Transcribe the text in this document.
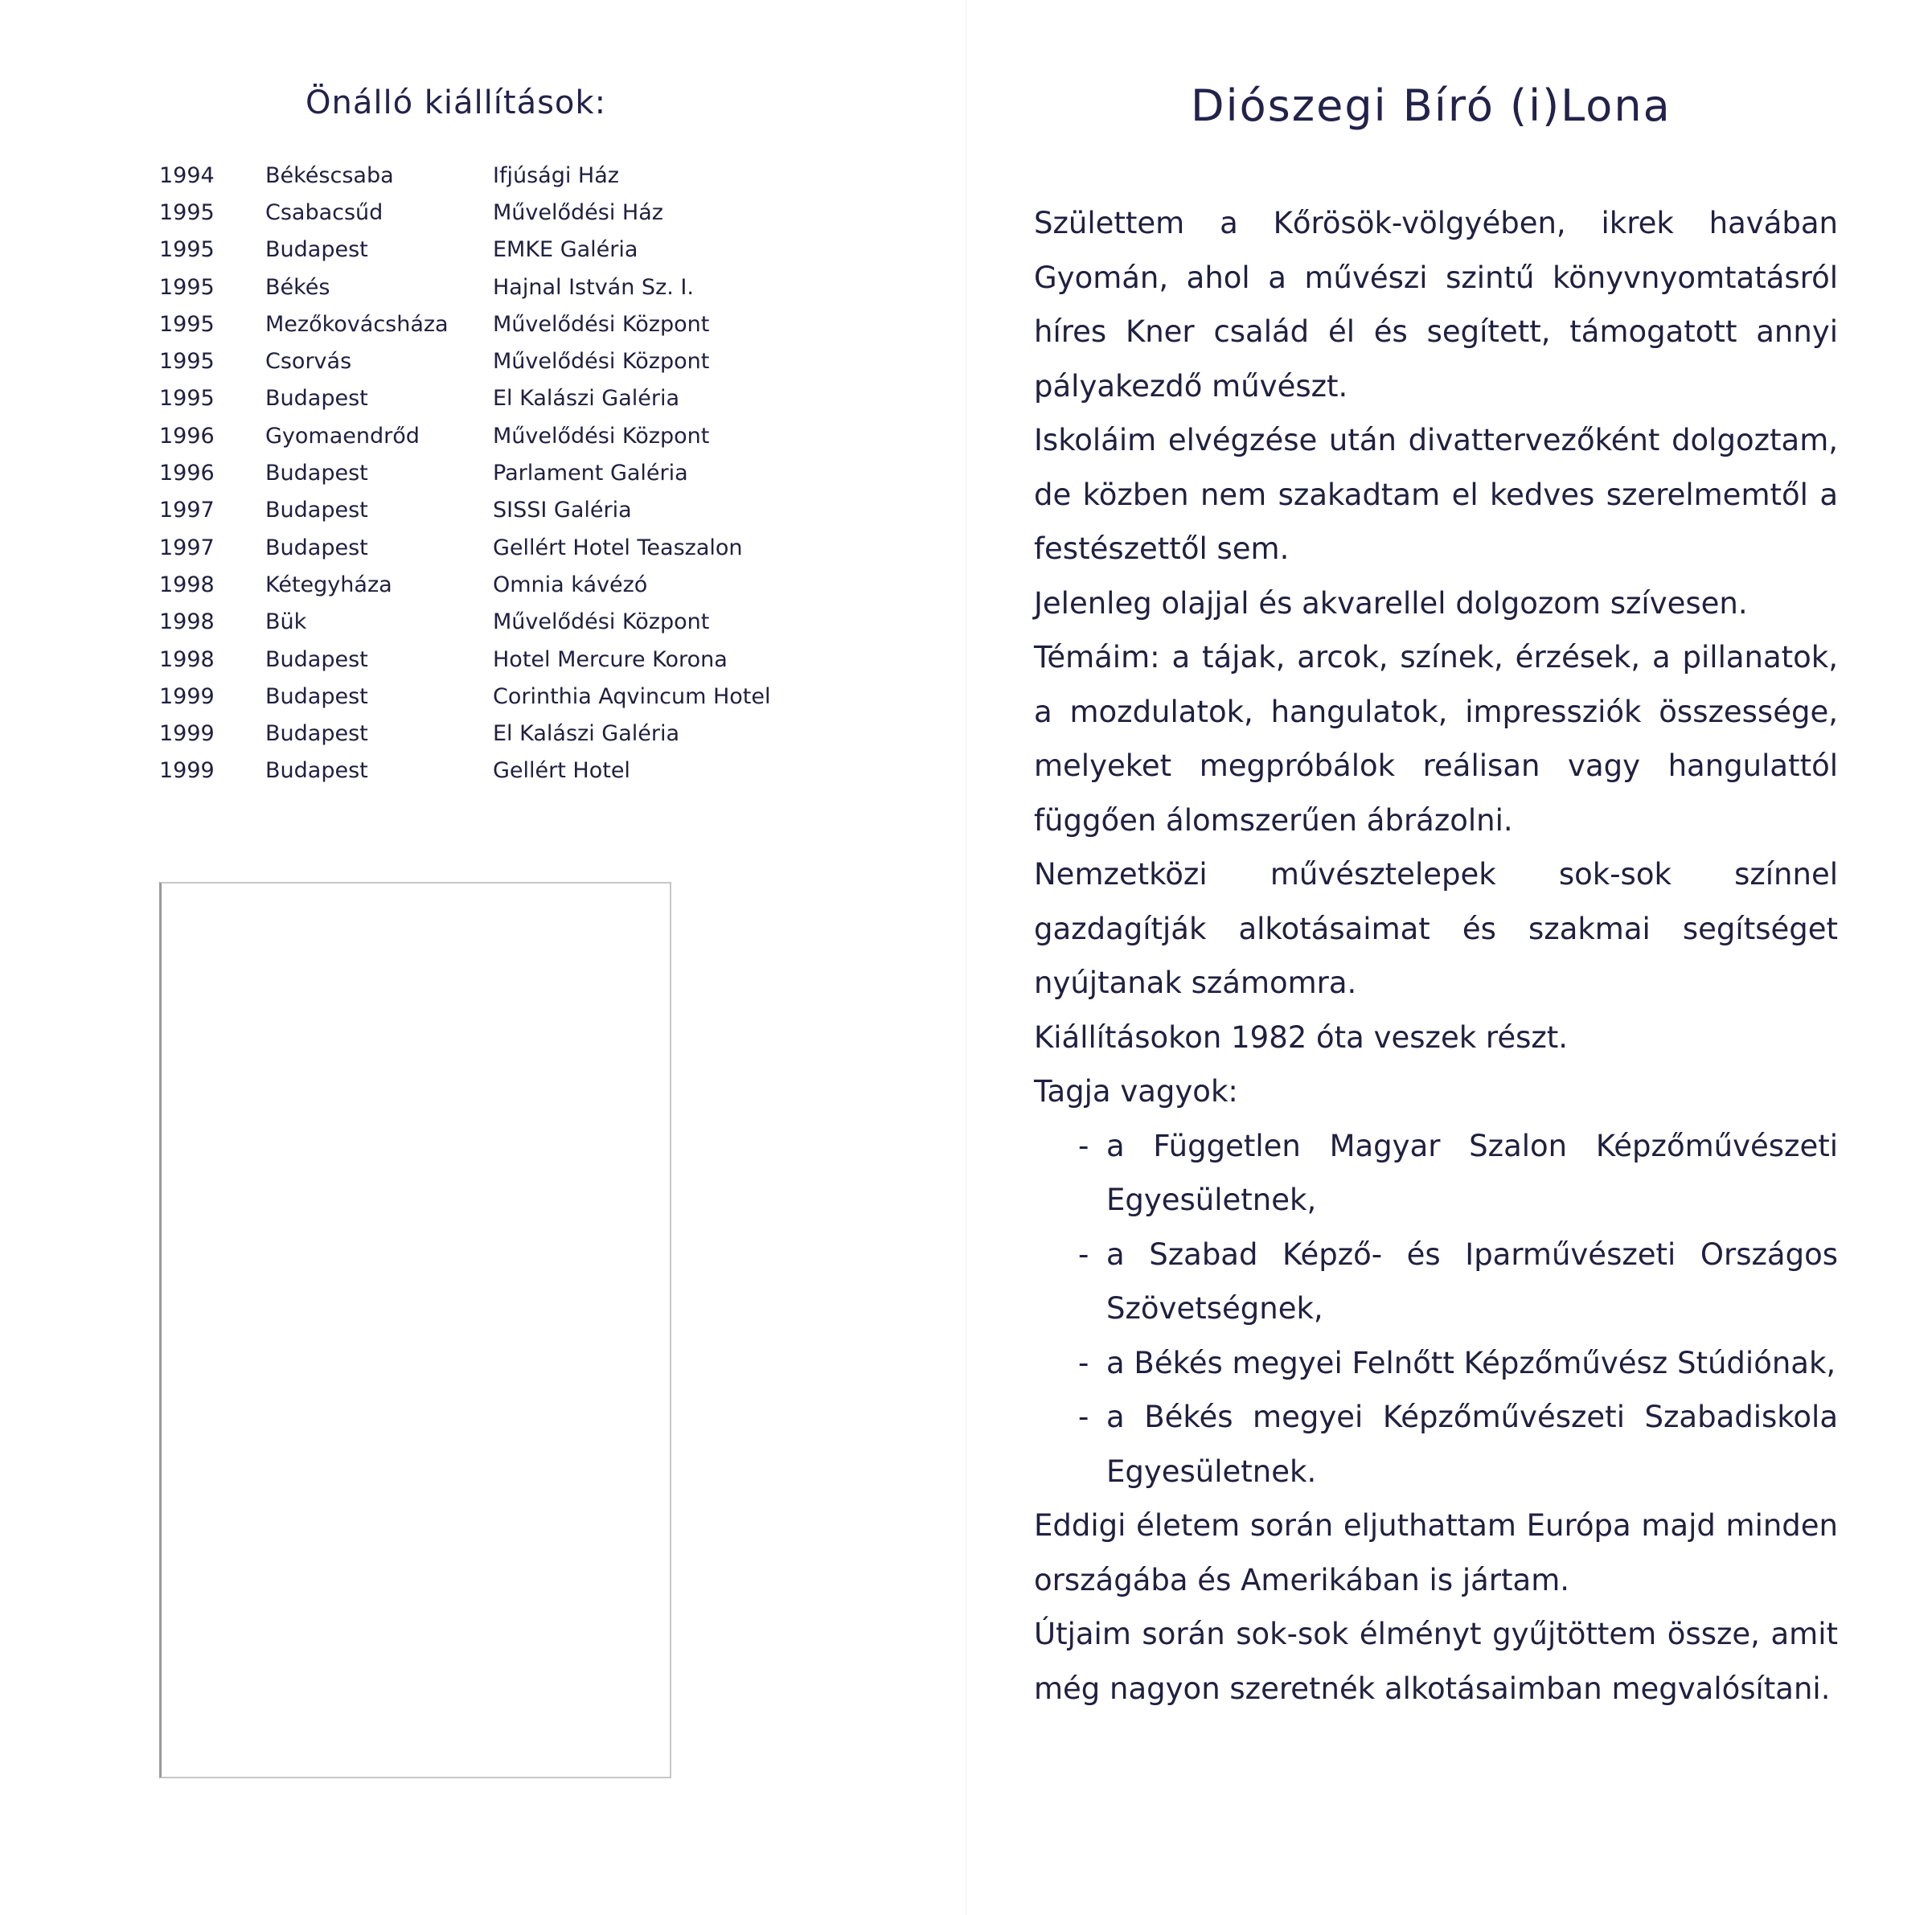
Önálló kiállítások:
1994	Békéscsaba	Ifjúsági Ház
1995	Csabacsűd	Művelődési Ház
1995	Budapest	EMKE Galéria
1995	Békés	Hajnal István Sz. I.
1995	Mezőkovácsháza	Művelődési Központ
1995	Csorvás	Művelődési Központ
1995	Budapest	El Kalászi Galéria
1996	Gyomaendrőd	Művelődési Központ
1996	Budapest	Parlament Galéria
1997	Budapest	SISSI Galéria
1997	Budapest	Gellért Hotel Teaszalon
1998	Kétegyháza	Omnia kávézó
1998	Bük	Művelődési Központ
1998	Budapest	Hotel Mercure Korona
1999	Budapest	Corinthia Aqvincum Hotel
1999	Budapest	El Kalászi Galéria
1999	Budapest	Gellért Hotel
Diószegi Bíró (i)Lona

Születtem a Kőrösök-völgyében, ikrek havában Gyomán, ahol a művészi szintű könyvnyomtatásról híres Kner család él és segített, támogatott annyi pályakezdő művészt.

Iskoláim elvégzése után divattervezőként dolgoztam, de közben nem szakadtam el kedves szerelmemtől a festészettől sem.

Jelenleg olajjal és akvarellel dolgozom szívesen.

Témáim: a tájak, arcok, színek, érzések, a pillanatok, a mozdulatok, hangulatok, impressziók összessége, melyeket megpróbálok reálisan vagy hangulattól függően álomszerűen ábrázolni.

Nemzetközi művésztelepek sok-sok színnel gazdagítják alkotásaimat és szakmai segítséget nyújtanak számomra.

Kiállításokon 1982 óta veszek részt.

Tagja vagyok:

- a Független Magyar Szalon Képzőművészeti Egyesületnek,
- a Szabad Képző- és Iparművészeti Országos Szövetségnek,
- a Békés megyei Felnőtt Képzőművész Stúdiónak,
- a Békés megyei Képzőművészeti Szabadiskola Egyesületnek.

Eddigi életem során eljuthattam Európa majd minden országába és Amerikában is jártam.

Útjaim során sok-sok élményt gyűjtöttem össze, amit még nagyon szeretnék alkotásaimban megvalósítani.
